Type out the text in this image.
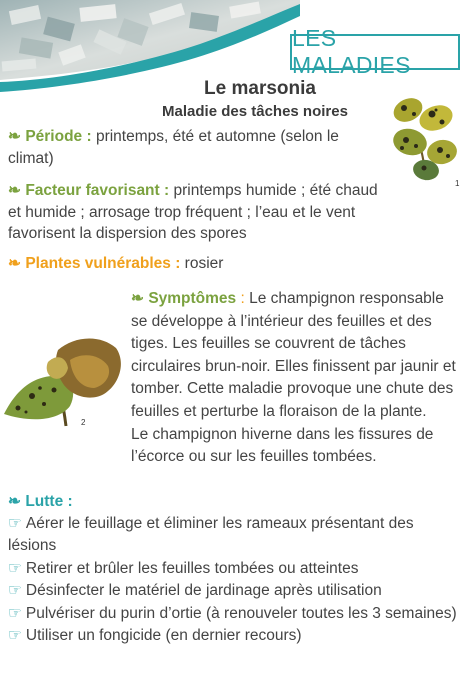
LES MALADIES
Le marsonia
Maladie des tâches noires
1
❧ Période : printemps, été et automne (selon le climat)
❧ Facteur favorisant : printemps humide ; été chaud et humide ; arrosage trop fréquent ; l’eau et le vent favorisent la dispersion des spores
❧ Plantes vulnérables : rosier
2
❧ Symptômes : Le champignon responsable se développe à l’intérieur des feuilles et des tiges. Les feuilles se couvrent de tâches circulaires brun-noir. Elles finissent par jaunir et tomber. Cette maladie provoque une chute des feuilles et perturbe la floraison de la plante.
Le champignon hiverne dans les fissures de l’écorce ou sur les feuilles tombées.
❧ Lutte :
☞ Aérer le feuillage et éliminer les rameaux présentant des lésions
☞ Retirer et brûler les feuilles tombées ou atteintes
☞ Désinfecter le matériel de jardinage après utilisation
☞ Pulvériser du purin d’ortie (à renouveler toutes les 3 semaines)
☞ Utiliser un fongicide (en dernier recours)
